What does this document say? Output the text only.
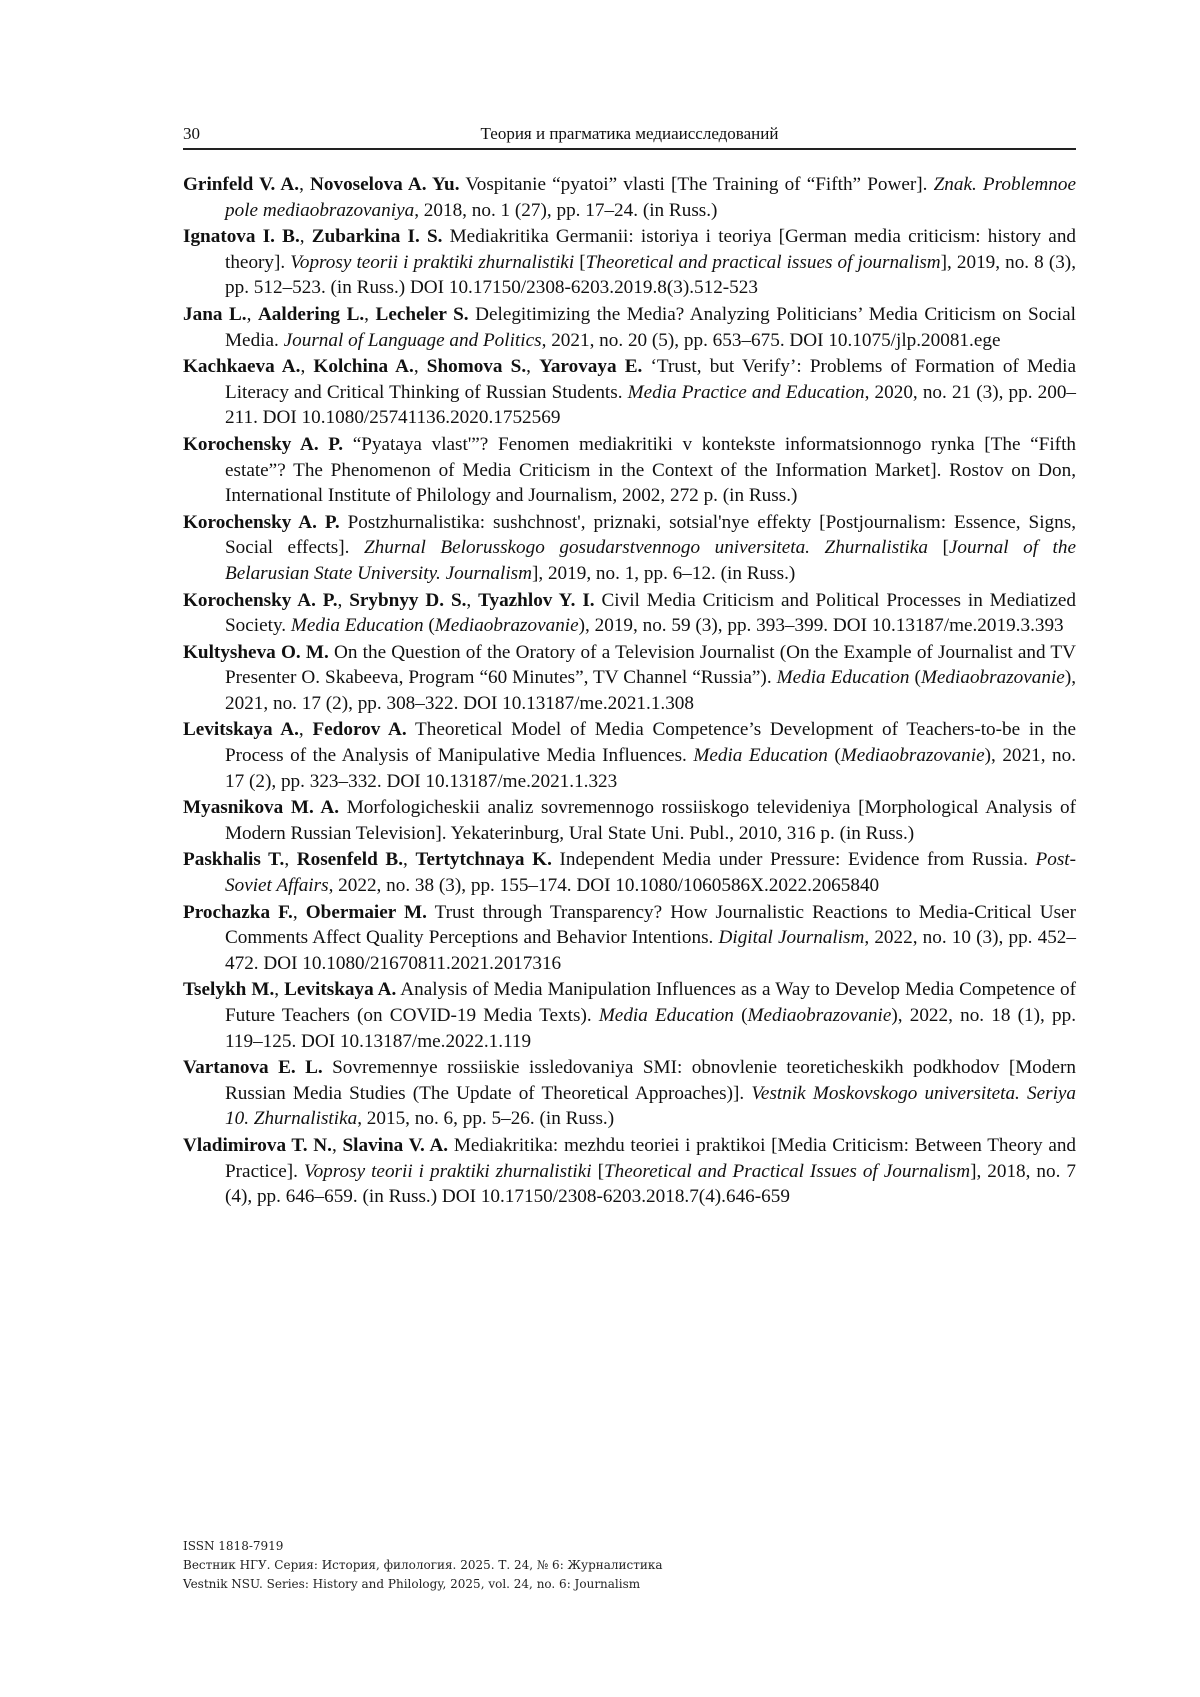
30	Теория и прагматика медиаисследований

Grinfeld V. A., Novoselova A. Yu. Vospitanie “pyatoi” vlasti [The Training of “Fifth” Power]. Znak. Problemnoe pole mediaobrazovaniya, 2018, no. 1 (27), pp. 17–24. (in Russ.)

Ignatova I. B., Zubarkina I. S. Mediakritika Germanii: istoriya i teoriya [German media criticism: history and theory]. Voprosy teorii i praktiki zhurnalistiki [Theoretical and practical issues of journalism], 2019, no. 8 (3), pp. 512–523. (in Russ.) DOI 10.17150/2308-6203.2019.8(3).512-523

Jana L., Aaldering L., Lecheler S. Delegitimizing the Media? Analyzing Politicians’ Media Criticism on Social Media. Journal of Language and Politics, 2021, no. 20 (5), pp. 653–675. DOI 10.1075/jlp.20081.ege

Kachkaeva A., Kolchina A., Shomova S., Yarovaya E. ‘Trust, but Verify’: Problems of Formation of Media Literacy and Critical Thinking of Russian Students. Media Practice and Education, 2020, no. 21 (3), pp. 200–211. DOI 10.1080/25741136.2020.1752569

Korochensky A. P. “Pyataya vlast'”? Fenomen mediakritiki v kontekste informatsionnogo rynka [The “Fifth estate”? The Phenomenon of Media Criticism in the Context of the Information Market]. Rostov on Don, International Institute of Philology and Journalism, 2002, 272 p. (in Russ.)

Korochensky A. P. Postzhurnalistika: sushchnost', priznaki, sotsial'nye effekty [Postjournalism: Essence, Signs, Social effects]. Zhurnal Belorusskogo gosudarstvennogo universiteta. Zhurnalistika [Journal of the Belarusian State University. Journalism], 2019, no. 1, pp. 6–12. (in Russ.)

Korochensky A. P., Srybnyy D. S., Tyazhlov Y. I. Civil Media Criticism and Political Processes in Mediatized Society. Media Education (Mediaobrazovanie), 2019, no. 59 (3), pp. 393–399. DOI 10.13187/me.2019.3.393

Kultysheva O. M. On the Question of the Oratory of a Television Journalist (On the Example of Journalist and TV Presenter O. Skabeeva, Program “60 Minutes”, TV Channel “Russia”). Media Education (Mediaobrazovanie), 2021, no. 17 (2), pp. 308–322. DOI 10.13187/me.2021.1.308

Levitskaya A., Fedorov A. Theoretical Model of Media Competence’s Development of Teachers-to-be in the Process of the Analysis of Manipulative Media Influences. Media Education (Mediaobrazovanie), 2021, no. 17 (2), pp. 323–332. DOI 10.13187/me.2021.1.323

Myasnikova M. A. Morfologicheskii analiz sovremennogo rossiiskogo televideniya [Morphological Analysis of Modern Russian Television]. Yekaterinburg, Ural State Uni. Publ., 2010, 316 p. (in Russ.)

Paskhalis T., Rosenfeld B., Tertytchnaya K. Independent Media under Pressure: Evidence from Russia. Post-Soviet Affairs, 2022, no. 38 (3), pp. 155–174. DOI 10.1080/1060586X.2022.2065840

Prochazka F., Obermaier M. Trust through Transparency? How Journalistic Reactions to Media-Critical User Comments Affect Quality Perceptions and Behavior Intentions. Digital Journalism, 2022, no. 10 (3), pp. 452–472. DOI 10.1080/21670811.2021.2017316

Tselykh M., Levitskaya A. Analysis of Media Manipulation Influences as a Way to Develop Media Competence of Future Teachers (on COVID-19 Media Texts). Media Education (Mediaobrazovanie), 2022, no. 18 (1), pp. 119–125. DOI 10.13187/me.2022.1.119

Vartanova E. L. Sovremennye rossiiskie issledovaniya SMI: obnovlenie teoreticheskikh podkhodov [Modern Russian Media Studies (The Update of Theoretical Approaches)]. Vestnik Moskovskogo universiteta. Seriya 10. Zhurnalistika, 2015, no. 6, pp. 5–26. (in Russ.)

Vladimirova T. N., Slavina V. A. Mediakritika: mezhdu teoriei i praktikoi [Media Criticism: Between Theory and Practice]. Voprosy teorii i praktiki zhurnalistiki [Theoretical and Practical Issues of Journalism], 2018, no. 7 (4), pp. 646–659. (in Russ.) DOI 10.17150/2308-6203.2018.7(4).646-659

ISSN 1818-7919
Вестник НГУ. Серия: История, филология. 2025. Т. 24, № 6: Журналистика
Vestnik NSU. Series: History and Philology, 2025, vol. 24, no. 6: Journalism
